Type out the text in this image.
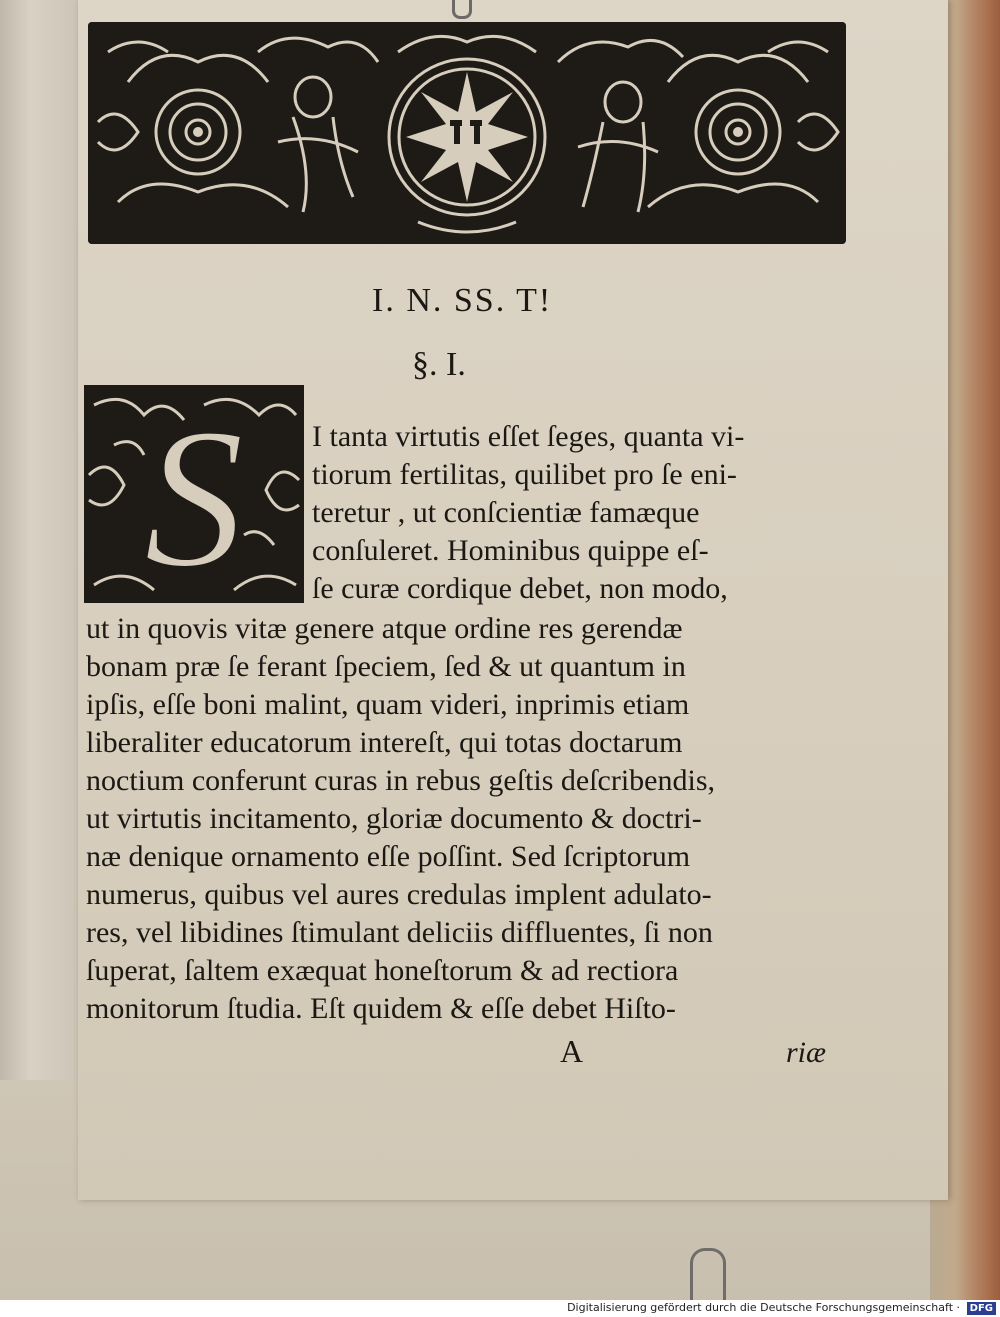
I. N. SS. T!
§. I.
S I tanta virtutis eſſet ſeges, quanta vi-
tiorum fertilitas, quilibet pro ſe eni-
teretur , ut conſcientiæ famæque
conſuleret. Hominibus quippe eſ-
ſe curæ cordique debet, non modo,
ut in quovis vitæ genere atque ordine res gerendæ
bonam præ ſe ferant ſpeciem, ſed & ut quantum in
ipſis, eſſe boni malint, quam videri, inprimis etiam
liberaliter educatorum intereſt, qui totas doctarum
noctium conferunt curas in rebus geſtis deſcribendis,
ut virtutis incitamento, gloriæ documento & doctri-
næ denique ornamento eſſe poſſint. Sed ſcriptorum
numerus, quibus vel aures credulas implent adulato-
res, vel libidines ſtimulant deliciis diffluentes, ſi non
ſuperat, ſaltem exæquat honeſtorum & ad rectiora
monitorum ſtudia. Eſt quidem & eſſe debet Hiſto-
A	riæ
Digitalisierung gefördert durch die Deutsche Forschungsgemeinschaft · DFG
